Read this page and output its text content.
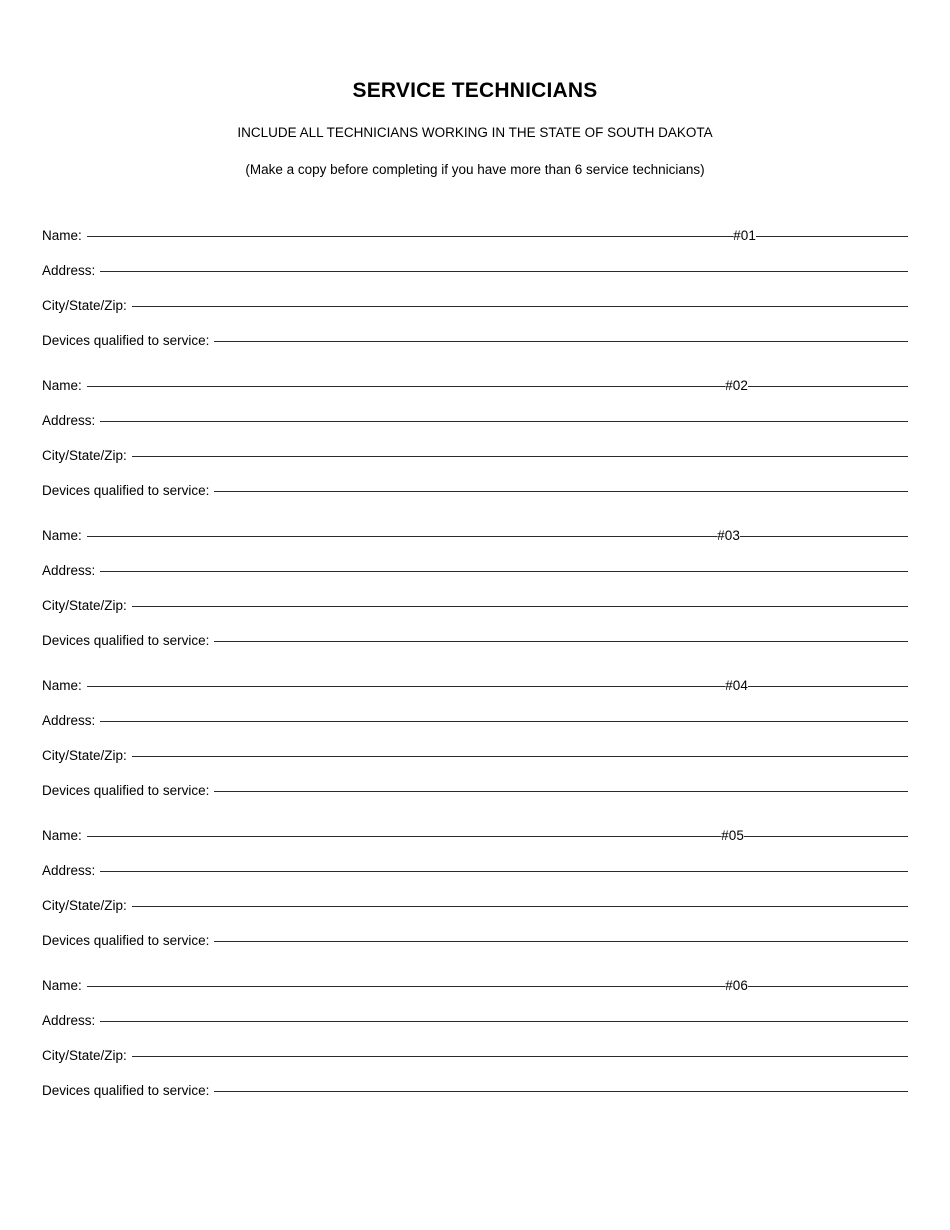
SERVICE TECHNICIANS

INCLUDE ALL TECHNICIANS WORKING IN THE STATE OF SOUTH DAKOTA

(Make a copy before completing if you have more than 6 service technicians)

Name:	#01
Address:
City/State/Zip:
Devices qualified to service:
Name:	#02
Address:
City/State/Zip:
Devices qualified to service:
Name:	#03
Address:
City/State/Zip:
Devices qualified to service:
Name:	#04
Address:
City/State/Zip:
Devices qualified to service:
Name:	#05
Address:
City/State/Zip:
Devices qualified to service:
Name:	#06
Address:
City/State/Zip:
Devices qualified to service:
